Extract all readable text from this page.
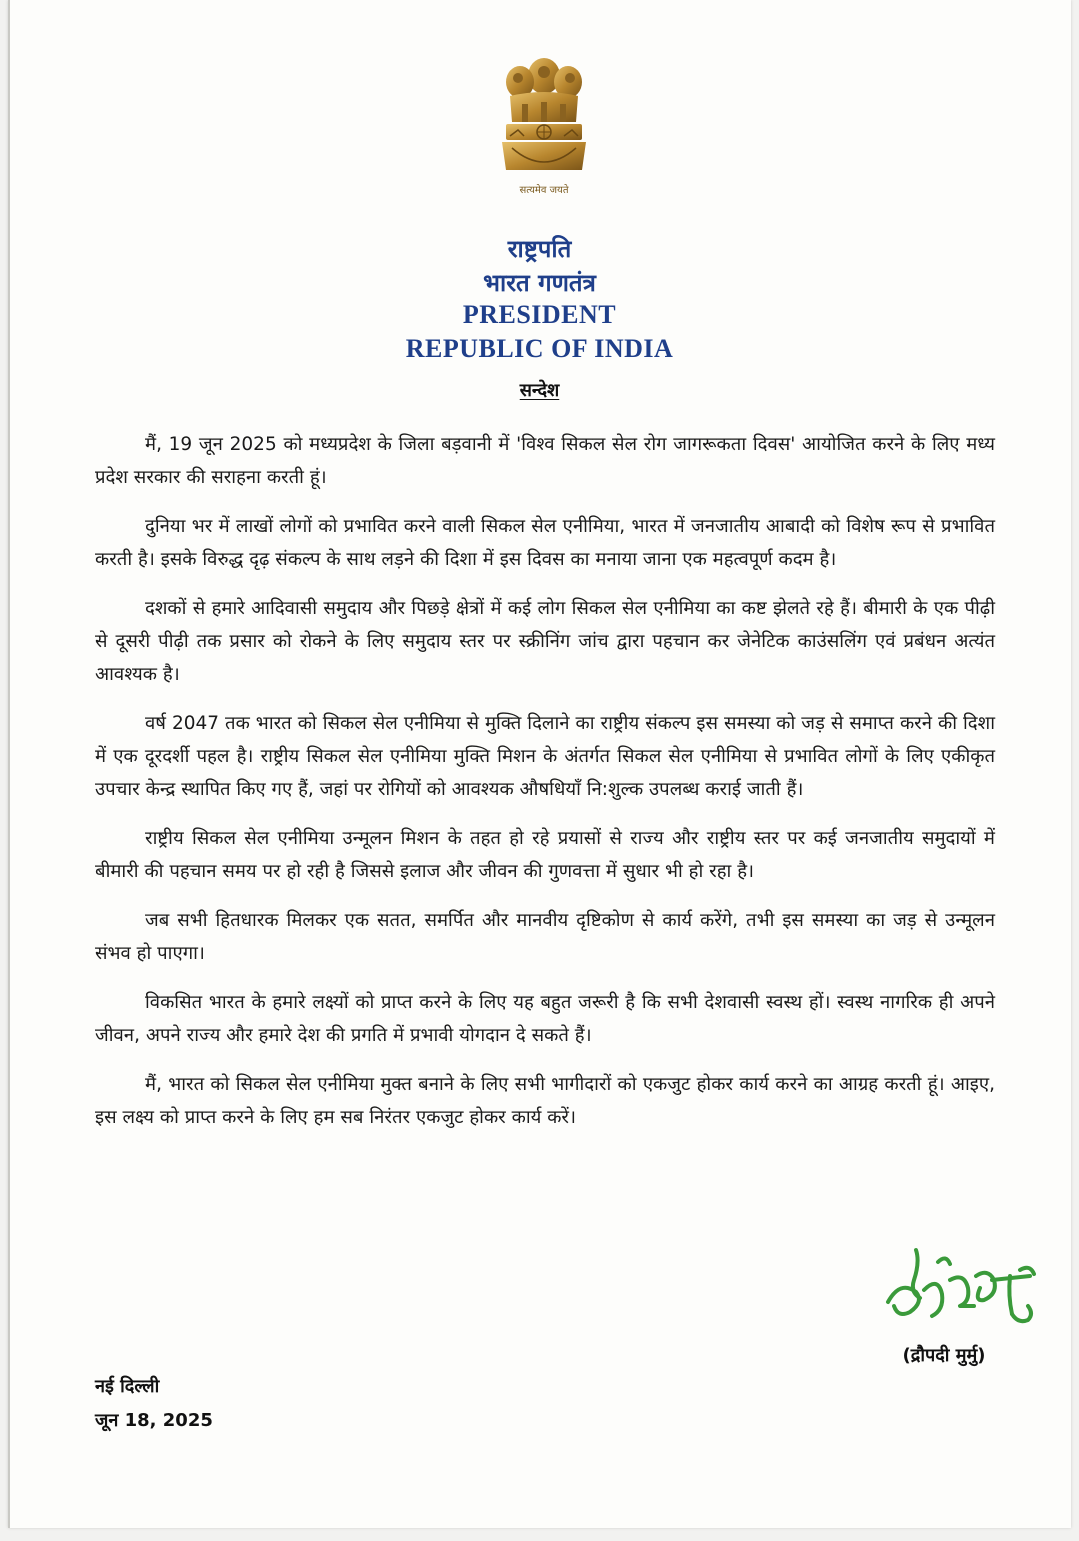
सत्यमेव जयते
राष्ट्रपति
भारत गणतंत्र
PRESIDENT
REPUBLIC OF INDIA
सन्देश

मैं, 19 जून 2025 को मध्यप्रदेश के जिला बड़वानी में 'विश्व सिकल सेल रोग जागरूकता दिवस' आयोजित करने के लिए मध्य प्रदेश सरकार की सराहना करती हूं।

दुनिया भर में लाखों लोगों को प्रभावित करने वाली सिकल सेल एनीमिया, भारत में जनजातीय आबादी को विशेष रूप से प्रभावित करती है। इसके विरुद्ध दृढ़ संकल्प के साथ लड़ने की दिशा में इस दिवस का मनाया जाना एक महत्वपूर्ण कदम है।

दशकों से हमारे आदिवासी समुदाय और पिछड़े क्षेत्रों में कई लोग सिकल सेल एनीमिया का कष्ट झेलते रहे हैं। बीमारी के एक पीढ़ी से दूसरी पीढ़ी तक प्रसार को रोकने के लिए समुदाय स्तर पर स्क्रीनिंग जांच द्वारा पहचान कर जेनेटिक काउंसलिंग एवं प्रबंधन अत्यंत आवश्यक है।

वर्ष 2047 तक भारत को सिकल सेल एनीमिया से मुक्ति दिलाने का राष्ट्रीय संकल्प इस समस्या को जड़ से समाप्त करने की दिशा में एक दूरदर्शी पहल है। राष्ट्रीय सिकल सेल एनीमिया मुक्ति मिशन के अंतर्गत सिकल सेल एनीमिया से प्रभावित लोगों के लिए एकीकृत उपचार केन्द्र स्थापित किए गए हैं, जहां पर रोगियों को आवश्यक औषधियाँ नि:शुल्क उपलब्ध कराई जाती हैं।

राष्ट्रीय सिकल सेल एनीमिया उन्मूलन मिशन के तहत हो रहे प्रयासों से राज्य और राष्ट्रीय स्तर पर कई जनजातीय समुदायों में बीमारी की पहचान समय पर हो रही है जिससे इलाज और जीवन की गुणवत्ता में सुधार भी हो रहा है।

जब सभी हितधारक मिलकर एक सतत, समर्पित और मानवीय दृष्टिकोण से कार्य करेंगे, तभी इस समस्या का जड़ से उन्मूलन संभव हो पाएगा।

विकसित भारत के हमारे लक्ष्यों को प्राप्त करने के लिए यह बहुत जरूरी है कि सभी देशवासी स्वस्थ हों। स्वस्थ नागरिक ही अपने जीवन, अपने राज्य और हमारे देश की प्रगति में प्रभावी योगदान दे सकते हैं।

मैं, भारत को सिकल सेल एनीमिया मुक्त बनाने के लिए सभी भागीदारों को एकजुट होकर कार्य करने का आग्रह करती हूं। आइए, इस लक्ष्य को प्राप्त करने के लिए हम सब निरंतर एकजुट होकर कार्य करें।

(द्रौपदी मुर्मु)
नई दिल्ली
जून 18, 2025
